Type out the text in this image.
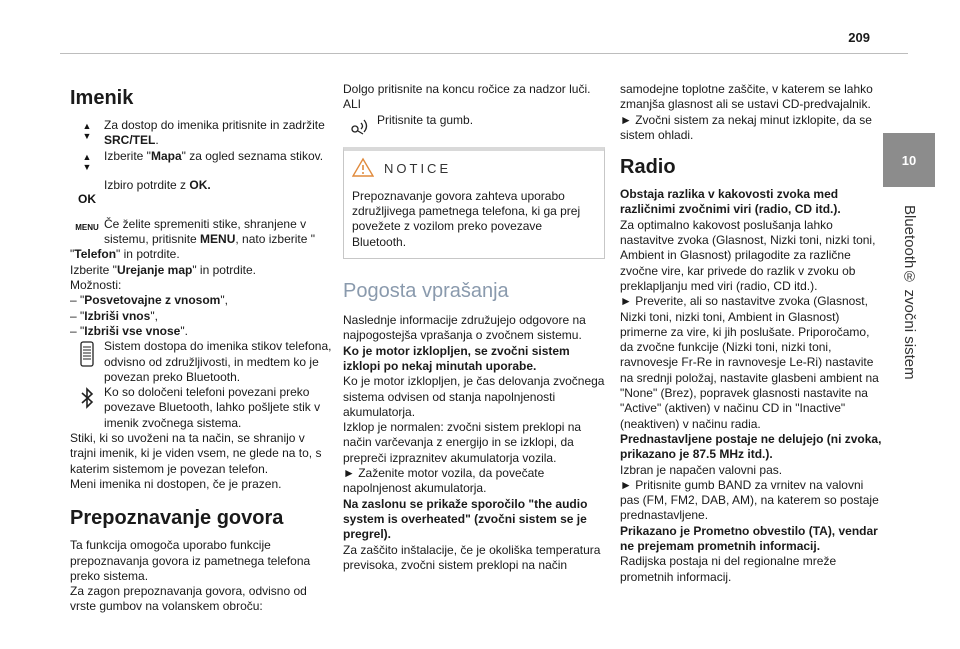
209
10
Bluetooth® zvočni sistem
Imenik
▲
▼

Za dostop do imenika pritisnite in zadržite
SRC/TEL.

▲
▼

Izberite "Mapa" za ogled seznama stikov.

OK

Izbiro potrdite z OK.

MENU Če želite spremeniti stike, shranjene v sistemu, pritisnite MENU, nato izberite "

"Telefon" in potrdite.

Izberite "Urejanje map" in potrdite.

Možnosti:

– "Posvetovajne z vnosom",

– "Izbriši vnos",

– "Izbriši vse vnose".

Sistem dostopa do imenika stikov telefona, odvisno od združljivosti, in medtem ko je povezan preko Bluetooth.

Ko so določeni telefoni povezani preko povezave Bluetooth, lahko pošljete stik v imenik zvočnega sistema.

Stiki, ki so uvoženi na ta način, se shranijo v trajni imenik, ki je viden vsem, ne glede na to, s katerim sistemom je povezan telefon.

Meni imenika ni dostopen, če je prazen.

Prepoznavanje govora

Ta funkcija omogoča uporabo funkcije prepoznavanja govora iz pametnega telefona preko sistema.

Za zagon prepoznavanja govora, odvisno od vrste gumbov na volanskem obroču:

Dolgo pritisnite na koncu ročice za nadzor luči.

ALI

Pritisnite ta gumb.

NOTICE

Prepoznavanje govora zahteva uporabo združljivega pametnega telefona, ki ga prej povežete z vozilom preko povezave Bluetooth.

Pogosta vprašanja

Naslednje informacije združujejo odgovore na najpogostejša vprašanja o zvočnem sistemu.

Ko je motor izklopljen, se zvočni sistem izklopi po nekaj minutah uporabe.

Ko je motor izklopljen, je čas delovanja zvočnega sistema odvisen od stanja napolnjenosti akumulatorja.

Izklop je normalen: zvočni sistem preklopi na način varčevanja z energijo in se izklopi, da prepreči izpraznitev akumulatorja vozila.

► Zaženite motor vozila, da povečate napolnjenost akumulatorja.

Na zaslonu se prikaže sporočilo "the audio system is overheated" (zvočni sistem se je pregrel).

Za zaščito inštalacije, če je okoliška temperatura previsoka, zvočni sistem preklopi na način

samodejne toplotne zaščite, v katerem se lahko zmanjša glasnost ali se ustavi CD-predvajalnik.

► Zvočni sistem za nekaj minut izklopite, da se sistem ohladi.

Radio

Obstaja razlika v kakovosti zvoka med različnimi zvočnimi viri (radio, CD itd.).

Za optimalno kakovost poslušanja lahko nastavitve zvoka (Glasnost, Nizki toni, nizki toni, Ambient in Glasnost) prilagodite za različne zvočne vire, kar privede do razlik v zvoku ob preklapljanju med viri (radio, CD itd.).

► Preverite, ali so nastavitve zvoka (Glasnost, Nizki toni, nizki toni, Ambient in Glasnost) primerne za vire, ki jih poslušate. Priporočamo, da zvočne funkcije (Nizki toni, nizki toni, ravnovesje Fr-Re in ravnovesje Le-Ri) nastavite na srednji položaj, nastavite glasbeni ambient na "None" (Brez), popravek glasnosti nastavite na "Active" (aktiven) v načinu CD in "Inactive" (neaktiven) v načinu radia.

Prednastavljene postaje ne delujejo (ni zvoka, prikazano je 87.5 MHz itd.).

Izbran je napačen valovni pas.

► Pritisnite gumb BAND za vrnitev na valovni pas (FM, FM2, DAB, AM), na katerem so postaje prednastavljene.

Prikazano je Prometno obvestilo (TA), vendar ne prejemam prometnih informacij.

Radijska postaja ni del regionalne mreže prometnih informacij.
